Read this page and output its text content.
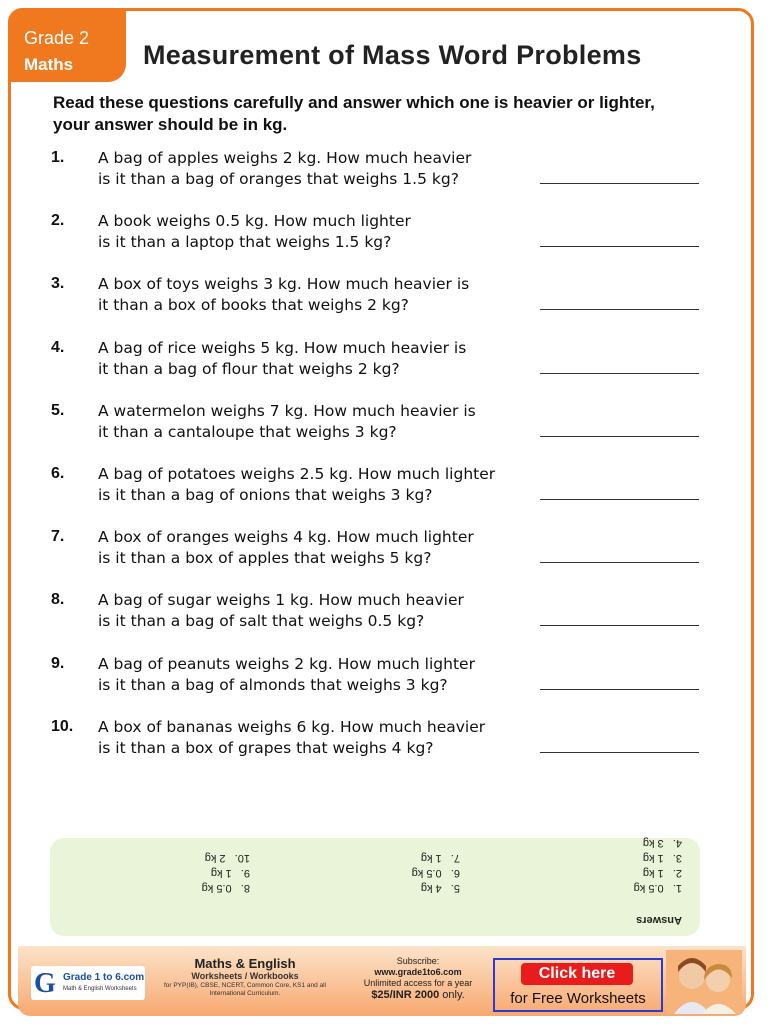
Grade 2
Maths	Measurement of Mass Word Problems
Read these questions carefully and answer which one is heavier or lighter, your answer should be in kg.
1. A bag of apples weighs 2 kg. How much heavier
is it than a bag of oranges that weighs 1.5 kg?
2. A book weighs 0.5 kg. How much lighter
is it than a laptop that weighs 1.5 kg?
3. A box of toys weighs 3 kg. How much heavier is
it than a box of books that weighs 2 kg?
4. A bag of rice weighs 5 kg. How much heavier is
it than a bag of flour that weighs 2 kg?
5. A watermelon weighs 7 kg. How much heavier is
it than a cantaloupe that weighs 3 kg?
6. A bag of potatoes weighs 2.5 kg. How much lighter
is it than a bag of onions that weighs 3 kg?
7. A box of oranges weighs 4 kg. How much lighter
is it than a box of apples that weighs 5 kg?
8. A bag of sugar weighs 1 kg. How much heavier
is it than a bag of salt that weighs 0.5 kg?
9. A bag of peanuts weighs 2 kg. How much lighter
is it than a bag of almonds that weighs 3 kg?
10. A box of bananas weighs 6 kg. How much heavier
is it than a box of grapes that weighs 4 kg?
Answers
1.   0.5 kg
2.   1 kg
3.   1 kg
4.   3 kg
5.   4 kg
6.   0.5 kg
7.   1 kg
8.   0.5 kg
9.   1 kg
10.   2 kg
G Grade 1 to 6.com
Math & English Worksheets
Maths & English
Worksheets / Workbooks
for PYP(IB), CBSE, NCERT, Common Core, KS1 and all International Curriculum.
Subscribe:
www.grade1to6.com
Unlimited access for a year
$25/INR 2000 only.
Click here
for Free Worksheets
